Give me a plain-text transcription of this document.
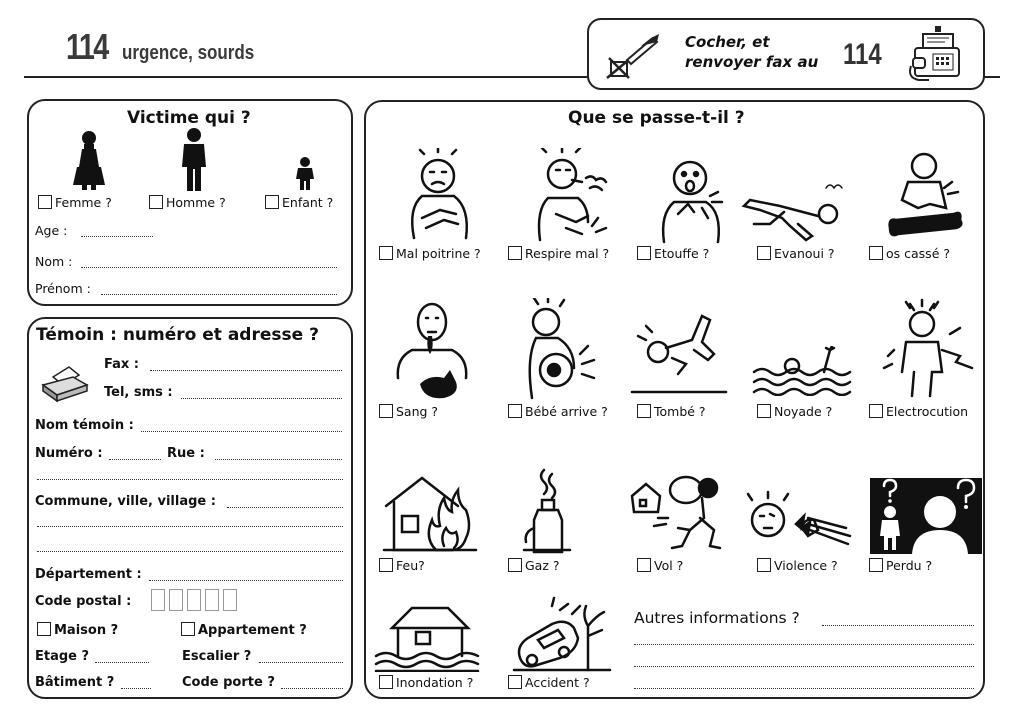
114 urgence, sourds	Cocher, et
renvoyer fax au 114
Victime qui ?
Femme ?	Homme ?	Enfant ?
Age :
Nom :
Prénom :
Témoin : numéro et adresse ?
Fax :
Tel, sms :
Nom témoin :
Numéro :	Rue :
Commune, ville, village :
Département :
Code postal :
Maison ?	Appartement ?
Etage ?	Escalier ?
Bâtiment ?	Code porte ?
Que se passe-t-il ?
Mal poitrine ?	Respire mal ?	Etouffe ?	Evanoui ?	os cassé ?
Sang ?	Bébé arrive ?	Tombé ?	Noyade ?	Electrocution
Feu?	Gaz ?	Vol ?	Violence ?	Perdu ?
Inondation ?	Accident ?
Autres informations ?
